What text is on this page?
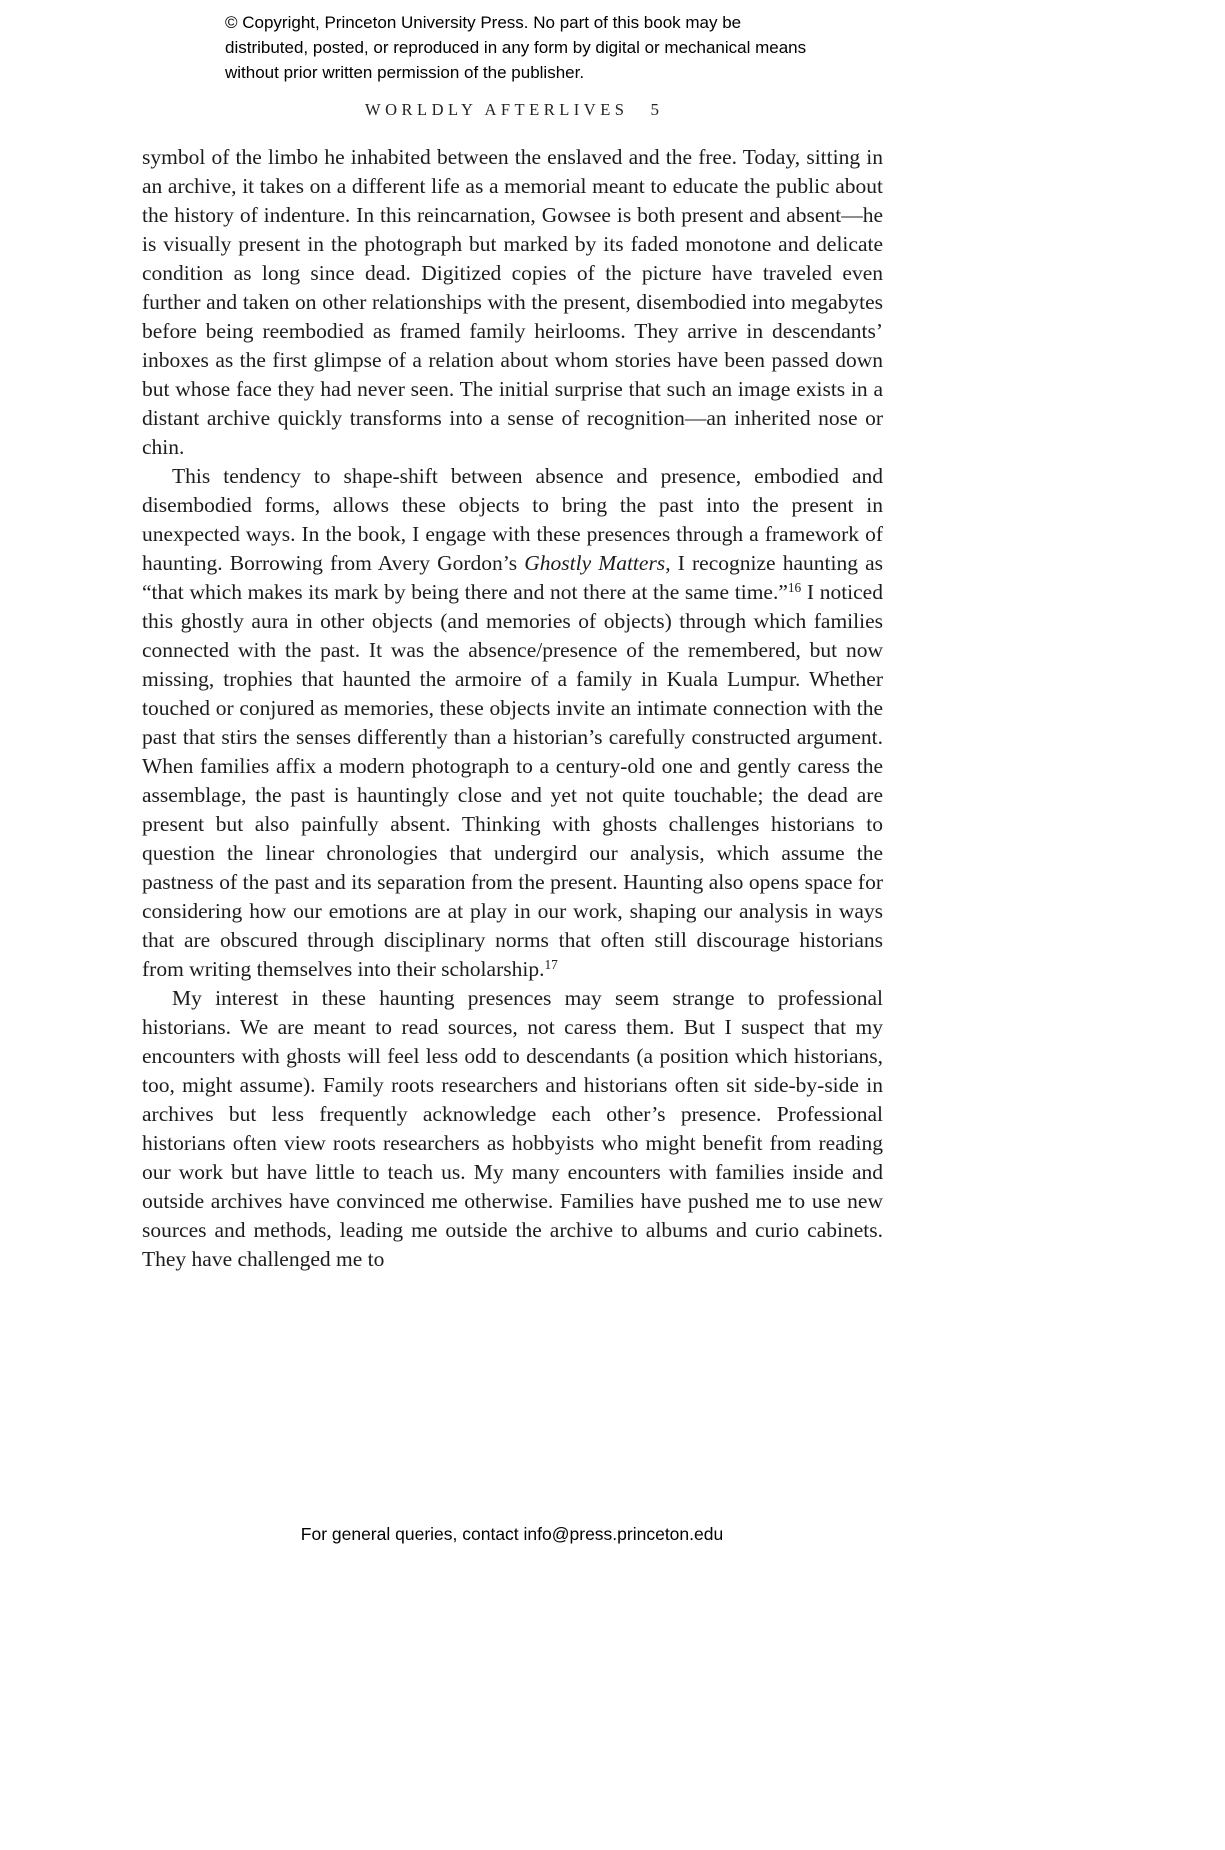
© Copyright, Princeton University Press. No part of this book may be distributed, posted, or reproduced in any form by digital or mechanical means without prior written permission of the publisher.
WORLDLY AFTERLIVES 5

symbol of the limbo he inhabited between the enslaved and the free. Today, sitting in an archive, it takes on a different life as a memorial meant to educate the public about the history of indenture. In this reincarnation, Gowsee is both present and absent—he is visually present in the photograph but marked by its faded monotone and delicate condition as long since dead. Digitized copies of the picture have traveled even further and taken on other relationships with the present, disembodied into megabytes before being reembodied as framed family heirlooms. They arrive in descendants’ inboxes as the first glimpse of a relation about whom stories have been passed down but whose face they had never seen. The initial surprise that such an image exists in a distant archive quickly transforms into a sense of recognition—an inherited nose or chin.

This tendency to shape-shift between absence and presence, embodied and disembodied forms, allows these objects to bring the past into the present in unexpected ways. In the book, I engage with these presences through a framework of haunting. Borrowing from Avery Gordon’s Ghostly Matters, I recognize haunting as “that which makes its mark by being there and not there at the same time.”$^{16}$ I noticed this ghostly aura in other objects (and memories of objects) through which families connected with the past. It was the absence/presence of the remembered, but now missing, trophies that haunted the armoire of a family in Kuala Lumpur. Whether touched or conjured as memories, these objects invite an intimate connection with the past that stirs the senses differently than a historian’s carefully constructed argument. When families affix a modern photograph to a century-old one and gently caress the assemblage, the past is hauntingly close and yet not quite touchable; the dead are present but also painfully absent. Thinking with ghosts challenges historians to question the linear chronologies that undergird our analysis, which assume the pastness of the past and its separation from the present. Haunting also opens space for considering how our emotions are at play in our work, shaping our analysis in ways that are obscured through disciplinary norms that often still discourage historians from writing themselves into their scholarship.$^{17}$

My interest in these haunting presences may seem strange to professional historians. We are meant to read sources, not caress them. But I suspect that my encounters with ghosts will feel less odd to descendants (a position which historians, too, might assume). Family roots researchers and historians often sit side-by-side in archives but less frequently acknowledge each other’s presence. Professional historians often view roots researchers as hobbyists who might benefit from reading our work but have little to teach us. My many encounters with families inside and outside archives have convinced me otherwise. Families have pushed me to use new sources and methods, leading me outside the archive to albums and curio cabinets. They have challenged me to

For general queries, contact info@press.princeton.edu
